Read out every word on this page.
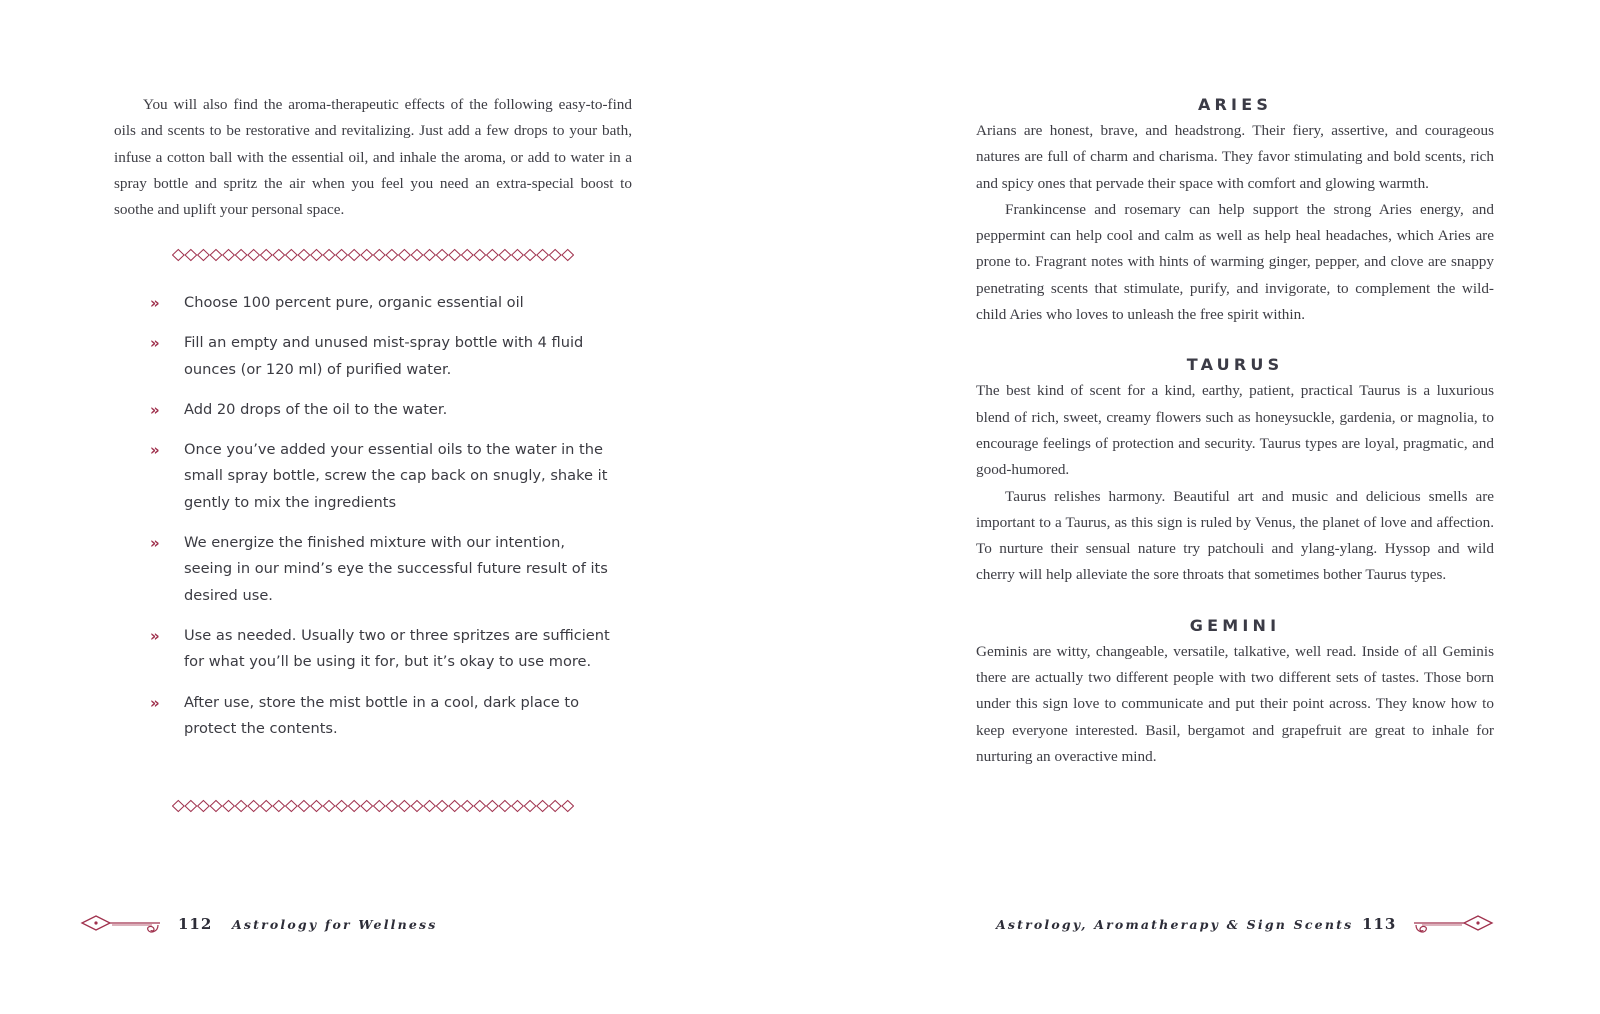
You will also find the aroma-therapeutic effects of the following easy-to-find oils and scents to be restorative and revitalizing. Just add a few drops to your bath, infuse a cotton ball with the essential oil, and inhale the aroma, or add to water in a spray bottle and spritz the air when you feel you need an extra-special boost to soothe and uplift your personal space.

» Choose 100 percent pure, organic essential oil
» Fill an empty and unused mist-spray bottle with 4 fluid ounces (or 120 ml) of purified water.
» Add 20 drops of the oil to the water.
» Once you’ve added your essential oils to the water in the small spray bottle, screw the cap back on snugly, shake it gently to mix the ingredients
» We energize the finished mixture with our intention, seeing in our mind’s eye the successful future result of its desired use.
» Use as needed. Usually two or three spritzes are sufficient for what you’ll be using it for, but it’s okay to use more.
» After use, store the mist bottle in a cool, dark place to protect the contents.
112 Astrology for Wellness
ARIES

Arians are honest, brave, and headstrong. Their fiery, assertive, and courageous natures are full of charm and charisma. They favor stimulating and bold scents, rich and spicy ones that pervade their space with comfort and glowing warmth.

Frankincense and rosemary can help support the strong Aries energy, and peppermint can help cool and calm as well as help heal headaches, which Aries are prone to. Fragrant notes with hints of warming ginger, pepper, and clove are snappy penetrating scents that stimulate, purify, and invigorate, to complement the wild-child Aries who loves to unleash the free spirit within.

TAURUS

The best kind of scent for a kind, earthy, patient, practical Taurus is a luxurious blend of rich, sweet, creamy flowers such as honeysuckle, gardenia, or magnolia, to encourage feelings of protection and security. Taurus types are loyal, pragmatic, and good-humored.

Taurus relishes harmony. Beautiful art and music and delicious smells are important to a Taurus, as this sign is ruled by Venus, the planet of love and affection. To nurture their sensual nature try patchouli and ylang-ylang. Hyssop and wild cherry will help alleviate the sore throats that sometimes bother Taurus types.

GEMINI

Geminis are witty, changeable, versatile, talkative, well read. Inside of all Geminis there are actually two different people with two different sets of tastes. Those born under this sign love to communicate and put their point across. They know how to keep everyone interested. Basil, bergamot and grapefruit are great to inhale for nurturing an overactive mind.

Astrology, Aromatherapy & Sign Scents 113
